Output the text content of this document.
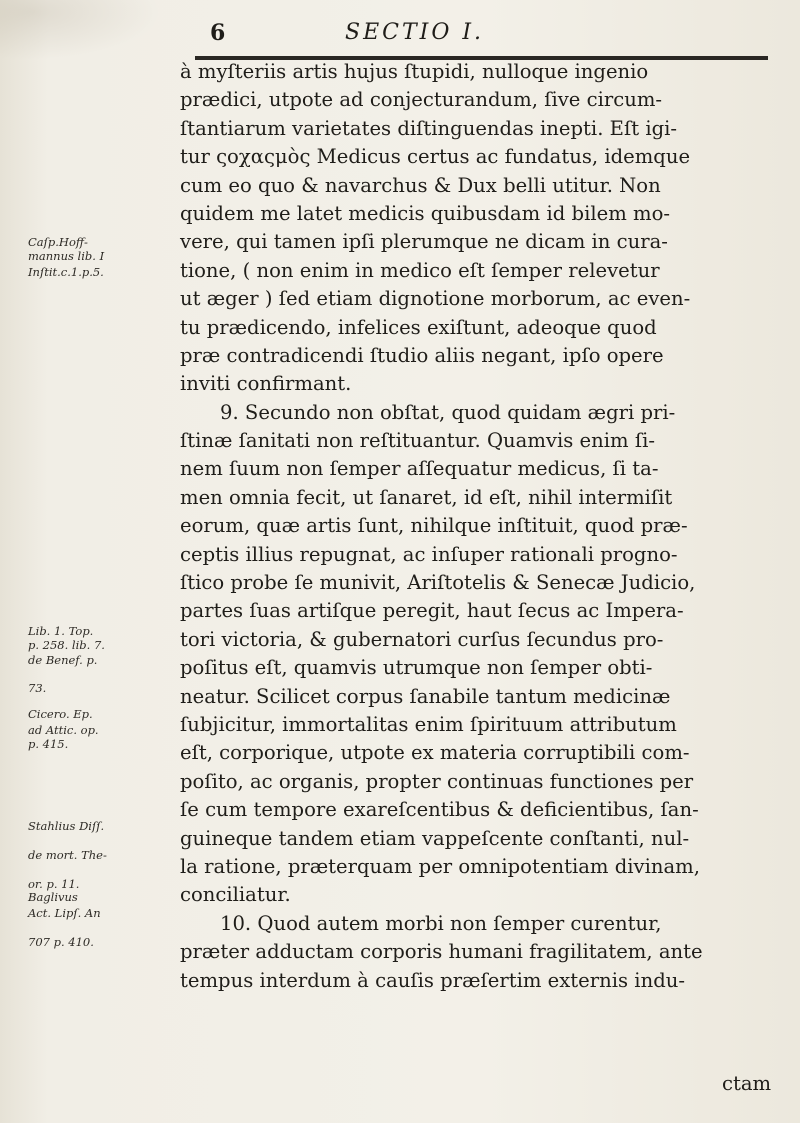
6	SECTIO I.
Caſp.Hoff-
mannus lib. I
Inſtit.c.1.p.5.
Lib. 1. Top.
p. 258. lib. 7.
de Benef. p.
73.
Cicero. Ep.
ad Attic. op.
p. 415.
Stahlius Diſſ.
de mort. The-
or. p. 11.
Baglivus
Act. Lipſ. An
707 p. 410.
à myſteriis artis hujus ſtupidi, nulloque ingenio
prædici, utpote ad conjecturandum, ſive circum-
ſtantiarum varietates diſtinguendas inepti. Eſt igi-
tur ςοχαςμὸς Medicus certus ac fundatus, idemque
cum eo quo & navarchus & Dux belli utitur. Non
quidem me latet medicis quibusdam id bilem mo-
vere, qui tamen ipſi plerumque ne dicam in cura-
tione, ( non enim in medico eſt ſemper relevetur
ut æger ) ſed etiam dignotione morborum, ac even-
tu prædicendo, infelices exiſtunt, adeoque quod
præ contradicendi ſtudio aliis negant, ipſo opere
inviti confirmant.
9. Secundo non obſtat, quod quidam ægri pri-
ſtinæ ſanitati non reſtituantur. Quamvis enim ſi-
nem ſuum non ſemper aſſequatur medicus, ſi ta-
men omnia fecit, ut ſanaret, id eſt, nihil intermiſit
eorum, quæ artis ſunt, nihilque inſtituit, quod præ-
ceptis illius repugnat, ac inſuper rationali progno-
ſtico probe ſe munivit, Ariſtotelis & Senecæ Judicio,
partes ſuas artiſque peregit, haut ſecus ac Impera-
tori victoria, & gubernatori curſus ſecundus pro-
poſitus eſt, quamvis utrumque non ſemper obti-
neatur. Scilicet corpus ſanabile tantum medicinæ
ſubjicitur, immortalitas enim ſpirituum attributum
eſt, corporique, utpote ex materia corruptibili com-
poſito, ac organis, propter continuas functiones per
ſe cum tempore exareſcentibus & deficientibus, ſan-
guineque tandem etiam vappeſcente conſtanti, nul-
la ratione, præterquam per omnipotentiam divinam,
conciliatur.
10. Quod autem morbi non ſemper curentur,
præter adductam corporis humani fragilitatem, ante
tempus interdum à cauſis præſertim externis indu-
ctam
